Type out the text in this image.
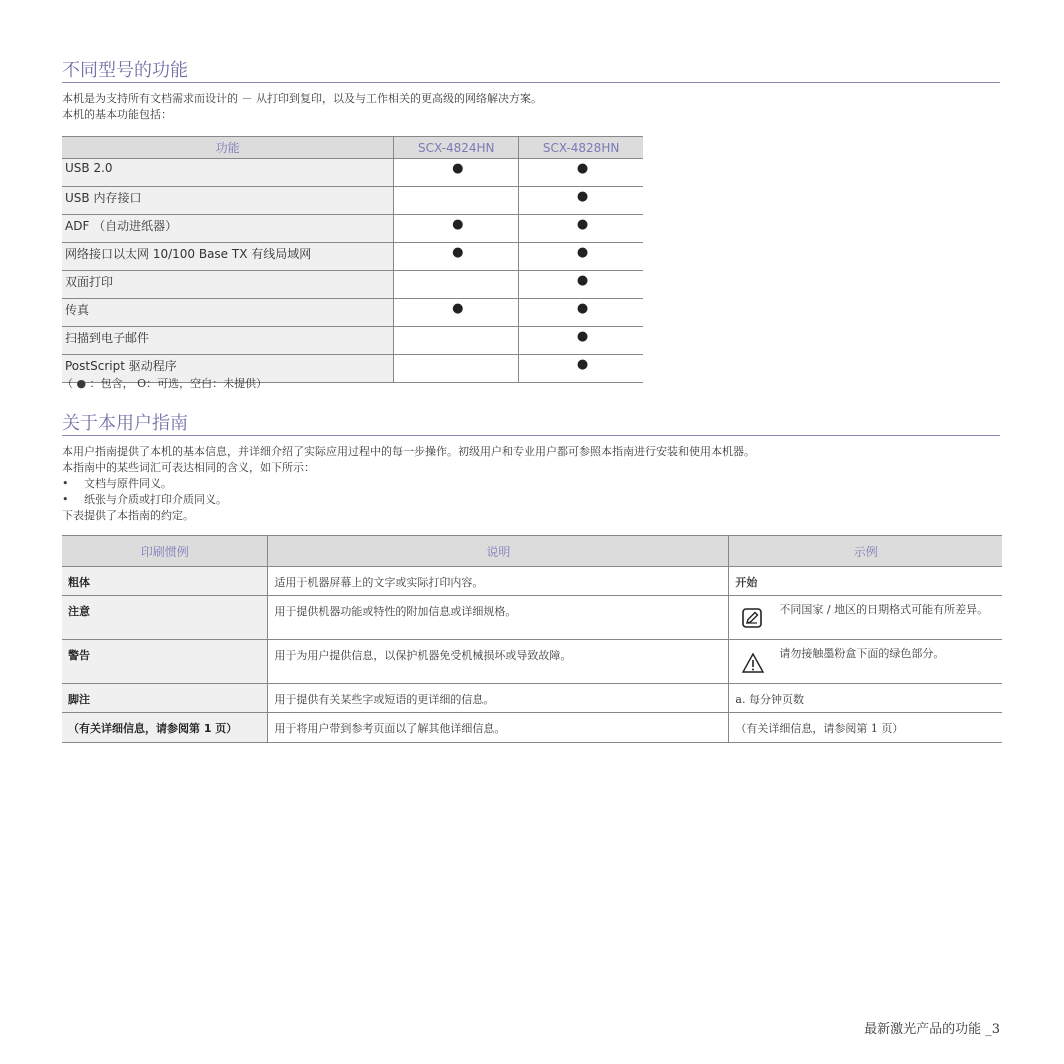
不同型号的功能

本机是为支持所有文档需求而设计的 － 从打印到复印，以及与工作相关的更高级的网络解决方案。

本机的基本功能包括：

功能	SCX-4824HN	SCX-4828HN
USB 2.0	●	●
USB 内存接口		●
ADF （自动进纸器）	●	●
网络接口以太网 10/100 Base TX 有线局域网	●	●
双面打印		●
传真	●	●
扫描到电子邮件		●
PostScript 驱动程序		●
（ ● ：包含， O：可选，空白：未提供）
关于本用户指南

本用户指南提供了本机的基本信息，并详细介绍了实际应用过程中的每一步操作。初级用户和专业用户都可参照本指南进行安装和使用本机器。

本指南中的某些词汇可表达相同的含义，如下所示：

•	文档与原件同义。
•	纸张与介质或打印介质同义。

下表提供了本指南的约定。

印刷惯例	说明	示例
粗体	适用于机器屏幕上的文字或实际打印内容。	开始
注意	用于提供机器功能或特性的附加信息或详细规格。	不同国家 / 地区的日期格式可能有所差异。

警告	用于为用户提供信息，以保护机器免受机械损坏或导致故障。	请勿接触墨粉盒下面的绿色部分。

脚注	用于提供有关某些字或短语的更详细的信息。	a. 每分钟页数
（有关详细信息，请参阅第 1 页）	用于将用户带到参考页面以了解其他详细信息。	（有关详细信息，请参阅第 1 页）
最新激光产品的功能 _3
